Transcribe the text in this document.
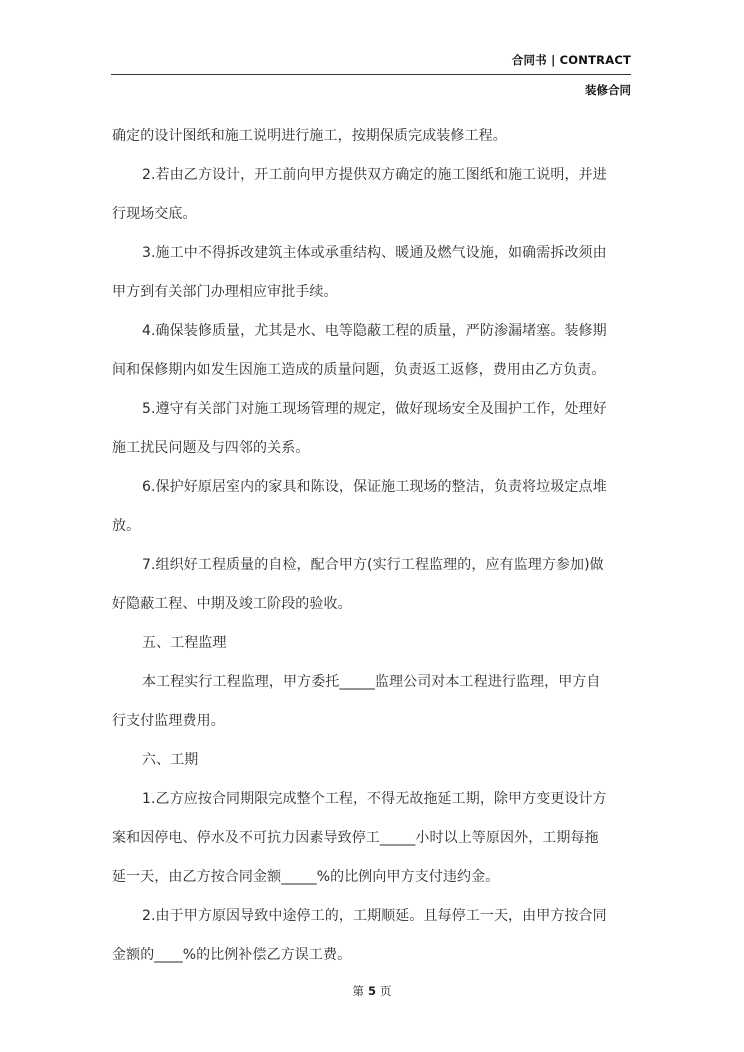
合同书 | CONTRACT
装修合同
确定的设计图纸和施工说明进行施工，按期保质完成装修工程。
2.若由乙方设计，开工前向甲方提供双方确定的施工图纸和施工说明，并进
行现场交底。
3.施工中不得拆改建筑主体或承重结构、暖通及燃气设施，如确需拆改须由
甲方到有关部门办理相应审批手续。
4.确保装修质量，尤其是水、电等隐蔽工程的质量，严防渗漏堵塞。装修期
间和保修期内如发生因施工造成的质量问题，负责返工返修，费用由乙方负责。
5.遵守有关部门对施工现场管理的规定，做好现场安全及围护工作，处理好
施工扰民问题及与四邻的关系。
6.保护好原居室内的家具和陈设，保证施工现场的整洁，负责将垃圾定点堆
放。
7.组织好工程质量的自检，配合甲方(实行工程监理的，应有监理方参加)做
好隐蔽工程、中期及竣工阶段的验收。
五、工程监理
本工程实行工程监理，甲方委托_____监理公司对本工程进行监理，甲方自
行支付监理费用。
六、工期
1.乙方应按合同期限完成整个工程，不得无故拖延工期，除甲方变更设计方
案和因停电、停水及不可抗力因素导致停工_____小时以上等原因外，工期每拖
延一天，由乙方按合同金额_____%的比例向甲方支付违约金。
2.由于甲方原因导致中途停工的，工期顺延。且每停工一天，由甲方按合同
金额的____%的比例补偿乙方误工费。
第 5 页
